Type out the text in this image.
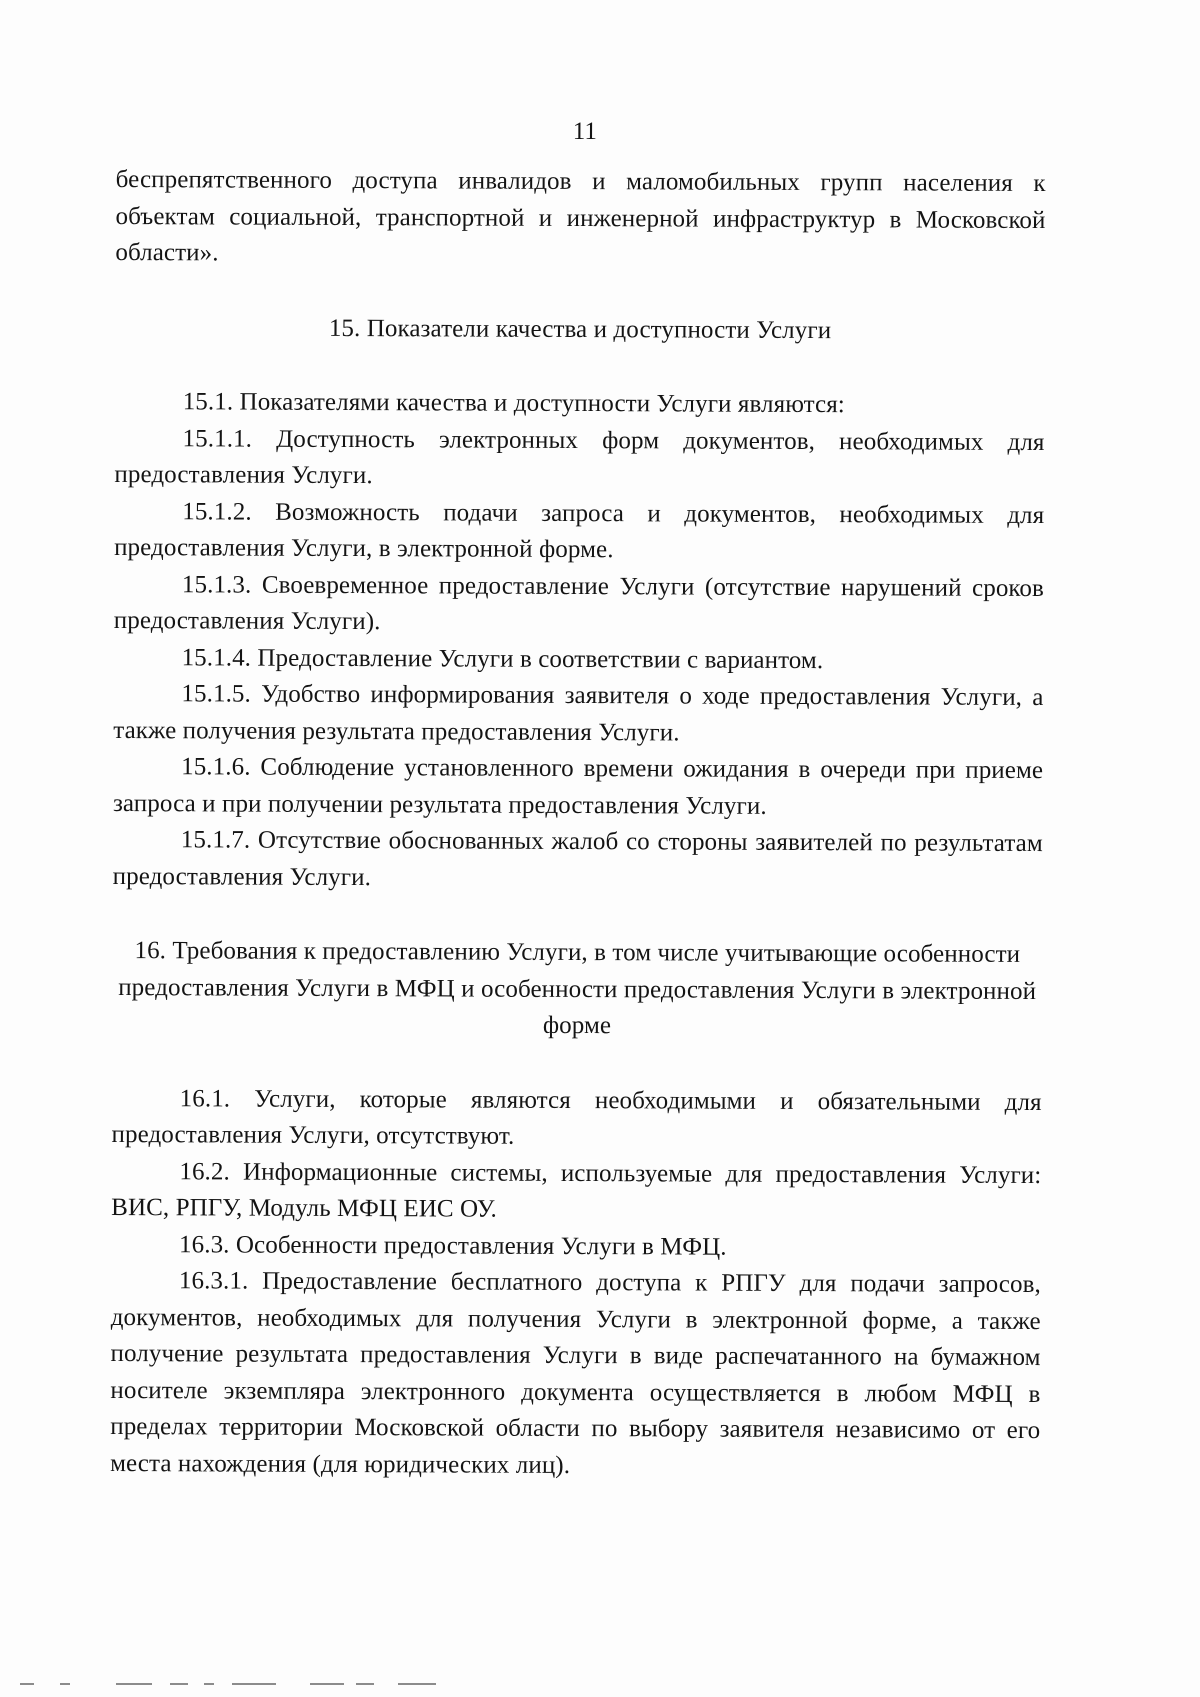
11

беспрепятственного доступа инвалидов и маломобильных групп населения к объектам социальной, транспортной и инженерной инфраструктур в Московской области».

15. Показатели качества и доступности Услуги

15.1. Показателями качества и доступности Услуги являются:

15.1.1. Доступность электронных форм документов, необходимых для предоставления Услуги.

15.1.2. Возможность подачи запроса и документов, необходимых для предоставления Услуги, в электронной форме.

15.1.3. Своевременное предоставление Услуги (отсутствие нарушений сроков предоставления Услуги).

15.1.4. Предоставление Услуги в соответствии с вариантом.

15.1.5. Удобство информирования заявителя о ходе предоставления Услуги, а также получения результата предоставления Услуги.

15.1.6. Соблюдение установленного времени ожидания в очереди при приеме запроса и при получении результата предоставления Услуги.

15.1.7. Отсутствие обоснованных жалоб со стороны заявителей по результатам предоставления Услуги.

16. Требования к предоставлению Услуги, в том числе учитывающие особенности предоставления Услуги в МФЦ и особенности предоставления Услуги в электронной форме

16.1. Услуги, которые являются необходимыми и обязательными для предоставления Услуги, отсутствуют.

16.2. Информационные системы, используемые для предоставления Услуги: ВИС, РПГУ, Модуль МФЦ ЕИС ОУ.

16.3. Особенности предоставления Услуги в МФЦ.

16.3.1. Предоставление бесплатного доступа к РПГУ для подачи запросов, документов, необходимых для получения Услуги в электронной форме, а также получение результата предоставления Услуги в виде распечатанного на бумажном носителе экземпляра электронного документа осуществляется в любом МФЦ в пределах территории Московской области по выбору заявителя независимо от его места нахождения (для юридических лиц).
